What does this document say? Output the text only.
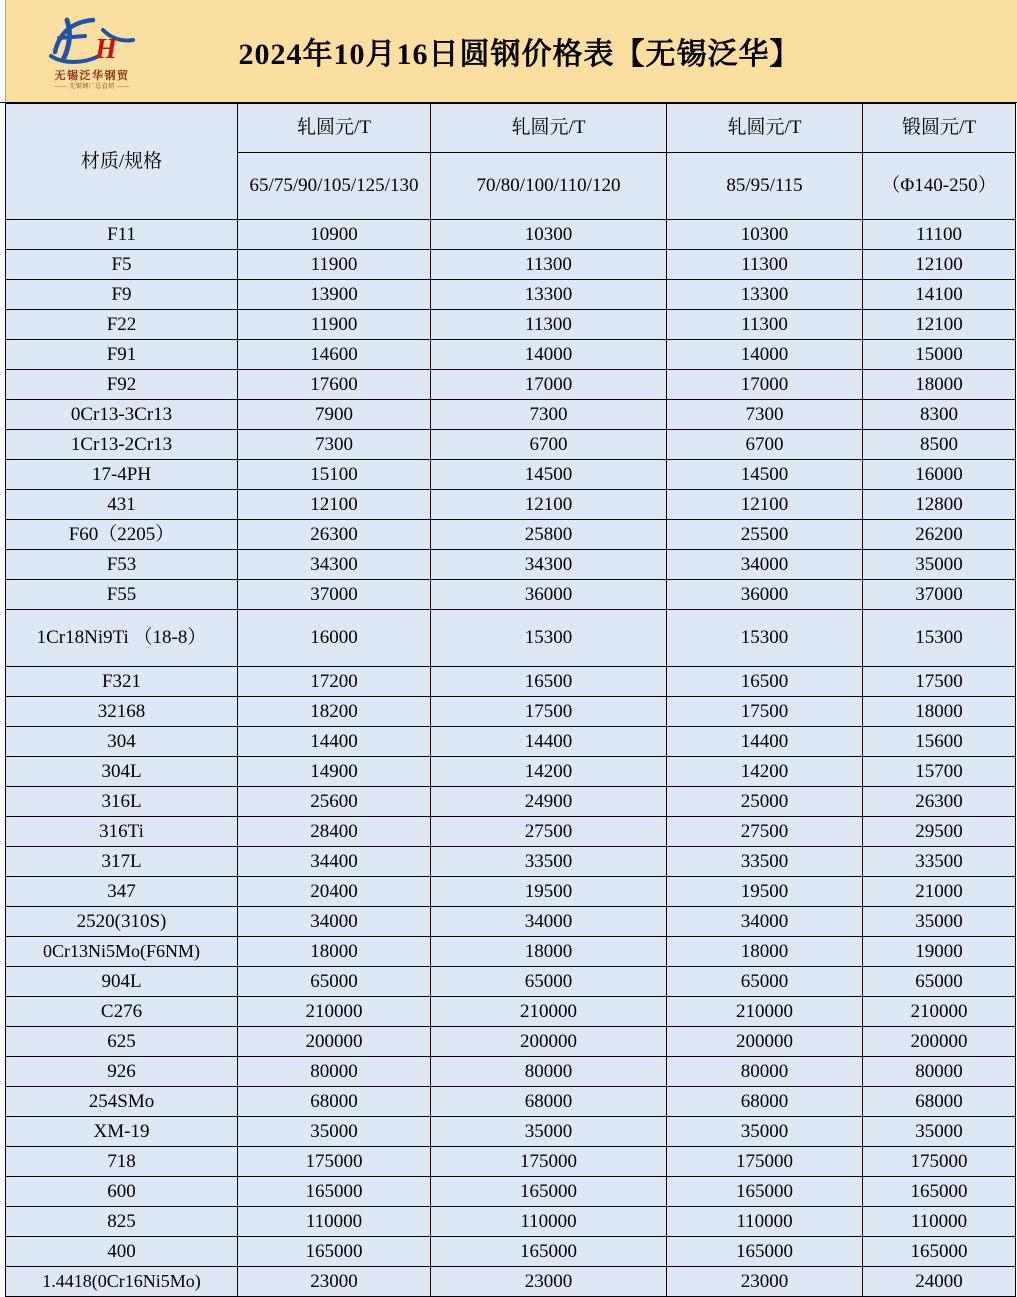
H
无锡泛华钢贸
—— 无锡钢厂总直销 ——
2024年10月16日圆钢价格表【无锡泛华】
材质/规格	轧圆元/T	轧圆元/T	轧圆元/T	锻圆元/T
	65/75/90/105/125/130	70/80/100/110/120	85/95/115	（Φ140-250）
F11	10900	10300	10300	11100
F5	11900	11300	11300	12100
F9	13900	13300	13300	14100
F22	11900	11300	11300	12100
F91	14600	14000	14000	15000
F92	17600	17000	17000	18000
0Cr13-3Cr13	7900	7300	7300	8300
1Cr13-2Cr13	7300	6700	6700	8500
17-4PH	15100	14500	14500	16000
431	12100	12100	12100	12800
F60（2205）	26300	25800	25500	26200
F53	34300	34300	34000	35000
F55	37000	36000	36000	37000
1Cr18Ni9Ti （18-8）	16000	15300	15300	15300
F321	17200	16500	16500	17500
32168	18200	17500	17500	18000
304	14400	14400	14400	15600
304L	14900	14200	14200	15700
316L	25600	24900	25000	26300
316Ti	28400	27500	27500	29500
317L	34400	33500	33500	33500
347	20400	19500	19500	21000
2520(310S)	34000	34000	34000	35000
0Cr13Ni5Mo(F6NM)	18000	18000	18000	19000
904L	65000	65000	65000	65000
C276	210000	210000	210000	210000
625	200000	200000	200000	200000
926	80000	80000	80000	80000
254SMo	68000	68000	68000	68000
XM-19	35000	35000	35000	35000
718	175000	175000	175000	175000
600	165000	165000	165000	165000
825	110000	110000	110000	110000
400	165000	165000	165000	165000
1.4418(0Cr16Ni5Mo)	23000	23000	23000	24000
